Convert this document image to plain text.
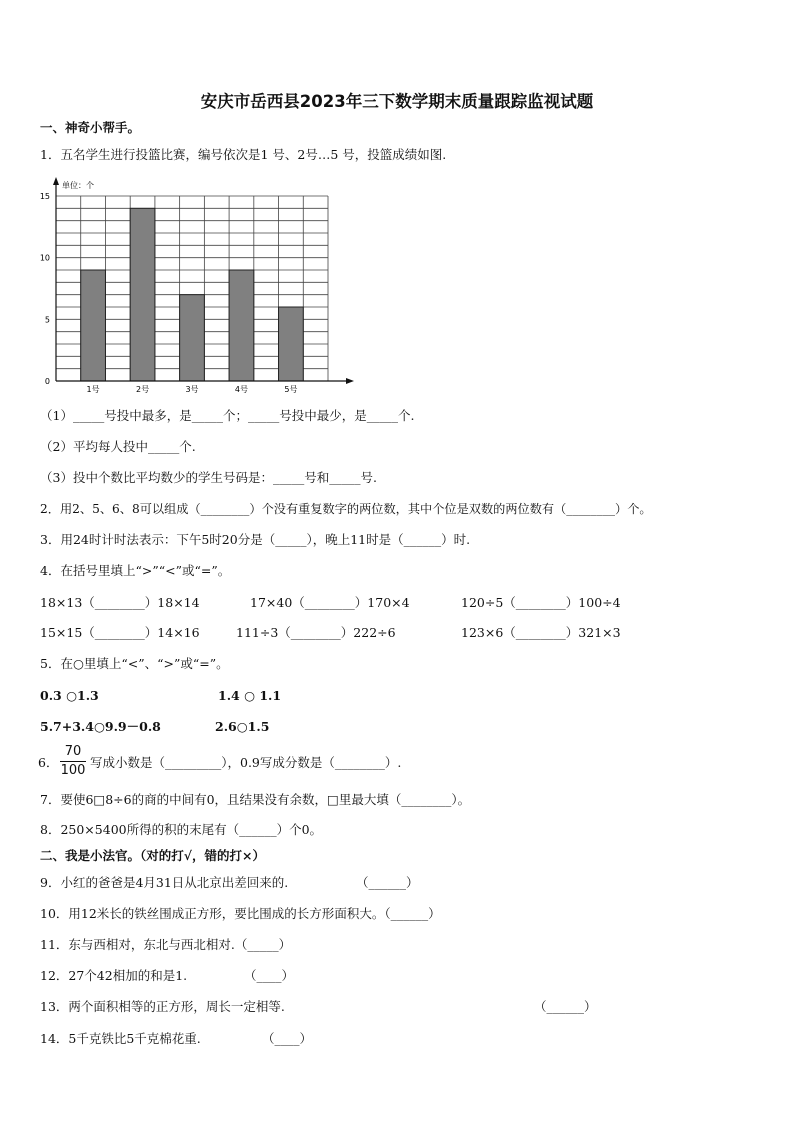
安庆市岳西县2023年三下数学期末质量跟踪监视试题
一、神奇小帮手。
1．五名学生进行投篮比赛，编号依次是1 号、2号…5 号，投篮成绩如图.
1号	2号	3号	4号	5号
0
5
10
15
单位：个
（1）_____号投中最多，是_____个；_____号投中最少，是_____个.
（2）平均每人投中_____个.
（3）投中个数比平均数少的学生号码是：_____号和_____号.
2．用2、5、6、8可以组成（________）个没有重复数字的两位数，其中个位是双数的两位数有（________）个。
3．用24时计时法表示：下午5时20分是（_____），晚上11时是（______）时.
4．在括号里填上“>”“<”或“=”。
18×13（________）18×14	17×40（________）170×4	120÷5（________）100÷4
15×15（________）14×16	111÷3（________）222÷6	123×6（________）321×3
5．在○里填上“<”、“>”或“=”。
0.3 ○1.3	1.4 ○ 1.1
5.7+3.4○9.9－0.8	2.6○1.5
6． $\frac{70}{100}$ 写成小数是（_________），0.9写成分数是（________）.
7．要使6□8÷6的商的中间有0，且结果没有余数，□里最大填（________）。
8．250×5400所得的积的末尾有（______）个0。
二、我是小法官。（对的打√，错的打×）
9．小红的爸爸是4月31日从北京出差回来的.	（______）
10．用12米长的铁丝围成正方形，要比围成的长方形面积大。（______）
11．东与西相对，东北与西北相对.（_____）
12．27个42相加的和是1.	（____）
13．两个面积相等的正方形，周长一定相等.	（______）
14．5千克铁比5千克棉花重.	（____）
